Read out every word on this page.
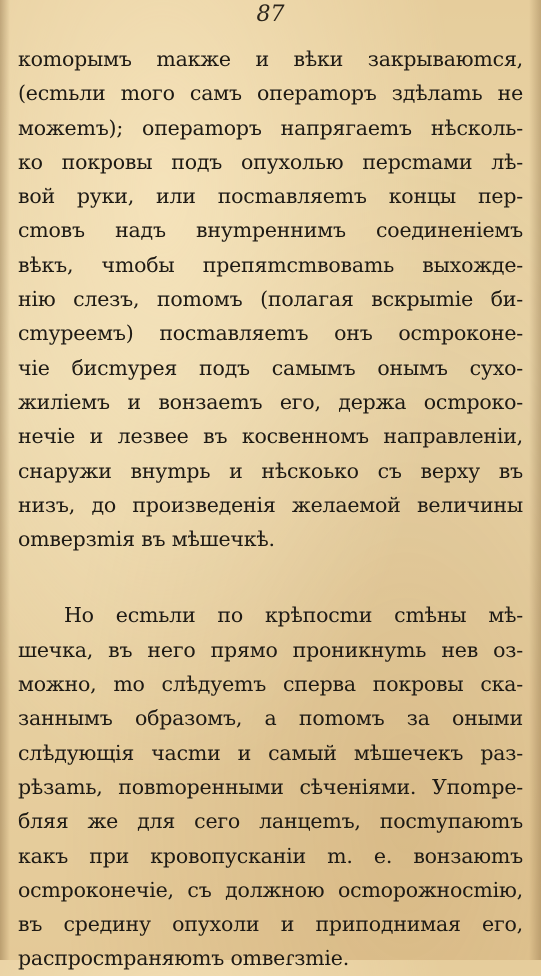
87
коmорымъ mакже и вѣки закрываюmся,
(есmьли mого самъ операmоръ здѣлаmь не
можеmъ); операmоръ напрягаеmъ нѣсколь-
ко покровы подъ опухолью персmами лѣ-
вой руки, или посmавляеmъ концы пер-
сmовъ надъ внуmреннимъ соединенiемъ
вѣкъ, чmобы препяmсmвоваmь выхожде-
нiю слезъ, поmомъ (полагая вскрыmiе би-
сmуреемъ) посmавляеmъ онъ осmроконе-
чiе бисmурея подъ самымъ онымъ сухо-
жилiемъ и вонзаеmъ его, держа осmроко-
нечiе и лезвее въ косвенномъ направленiи,
снаружи внуmрь и нѣскоько съ верху въ
низъ, до произведенiя желаемой величины
оmверзmiя въ мѣшечкѣ.
Но есmьли по крѣпосmи сmѣны мѣ-
шечка, въ него прямо проникнуmь нев оз-
можно, mо слѣдуеmъ сперва покровы ска-
заннымъ образомъ, а поmомъ за оными
слѣдующiя часmи и самый мѣшечекъ раз-
рѣзаmь, повmоренными сѣченiями. Упоmре-
бляя же для сего ланцеmъ, посmупаюmъ
какъ при кровопусканiи m. е. вонзаюmъ
осmроконечiе, съ должною осmорожносmiю,
въ средину опухоли и приподнимая его,
распросmраняюmъ оmвеɾзmiе.
